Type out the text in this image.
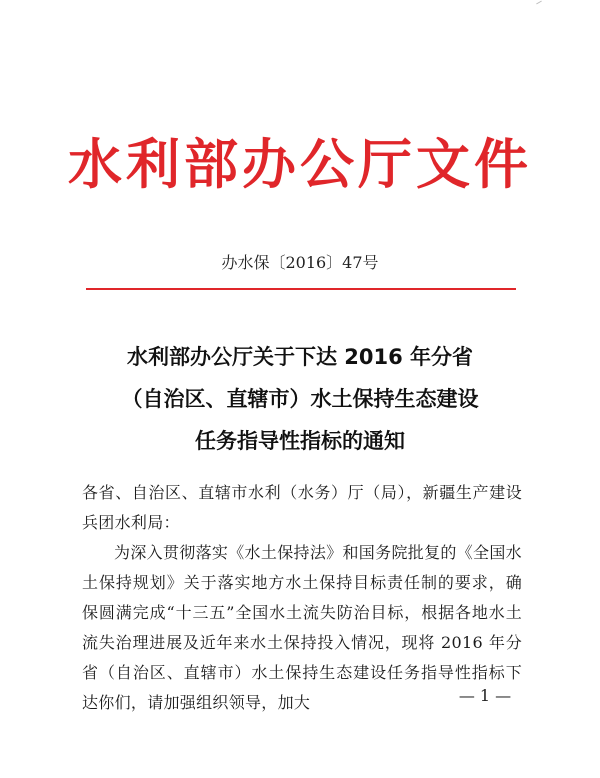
水利部办公厅文件
办水保〔2016〕47号
水利部办公厅关于下达 2016 年分省
（自治区、直辖市）水土保持生态建设
任务指导性指标的通知

各省、自治区、直辖市水利（水务）厅（局），新疆生产建设兵团水利局：

为深入贯彻落实《水土保持法》和国务院批复的《全国水土保持规划》关于落实地方水土保持目标责任制的要求，确保圆满完成“十三五”全国水土流失防治目标，根据各地水土流失治理进展及近年来水土保持投入情况，现将 2016 年分省（自治区、直辖市）水土保持生态建设任务指导性指标下达你们，请加强组织领导，加大	— 1 —
